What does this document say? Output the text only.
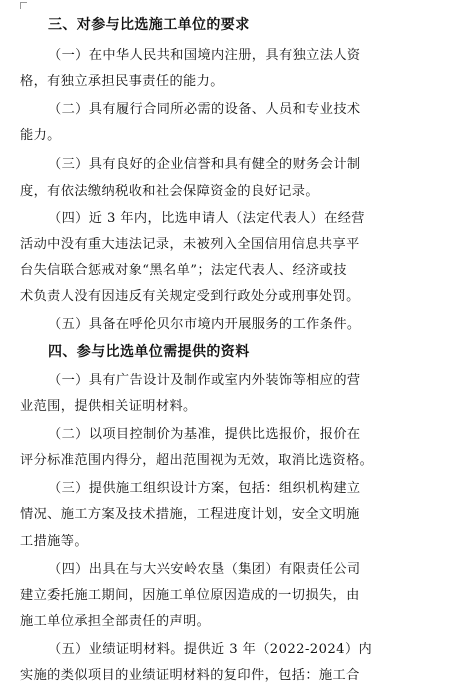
三、对参与比选施工单位的要求
（一）在中华人民共和国境内注册，具有独立法人资
格，有独立承担民事责任的能力。
（二）具有履行合同所必需的设备、人员和专业技术
能力。
（三）具有良好的企业信誉和具有健全的财务会计制
度，有依法缴纳税收和社会保障资金的良好记录。
（四）近 3 年内，比选申请人（法定代表人）在经营
活动中没有重大违法记录，未被列入全国信用信息共享平
台失信联合惩戒对象“黑名单”；法定代表人、经济或技
术负责人没有因违反有关规定受到行政处分或刑事处罚。
（五）具备在呼伦贝尔市境内开展服务的工作条件。
四、参与比选单位需提供的资料
（一）具有广告设计及制作或室内外装饰等相应的营
业范围，提供相关证明材料。
（二）以项目控制价为基准，提供比选报价，报价在
评分标准范围内得分，超出范围视为无效，取消比选资格。
（三）提供施工组织设计方案，包括：组织机构建立
情况、施工方案及技术措施，工程进度计划，安全文明施
工措施等。
（四）出具在与大兴安岭农垦（集团）有限责任公司
建立委托施工期间，因施工单位原因造成的一切损失，由
施工单位承担全部责任的声明。
（五）业绩证明材料。提供近 3 年（2022-2024）内
实施的类似项目的业绩证明材料的复印件，包括：施工合
